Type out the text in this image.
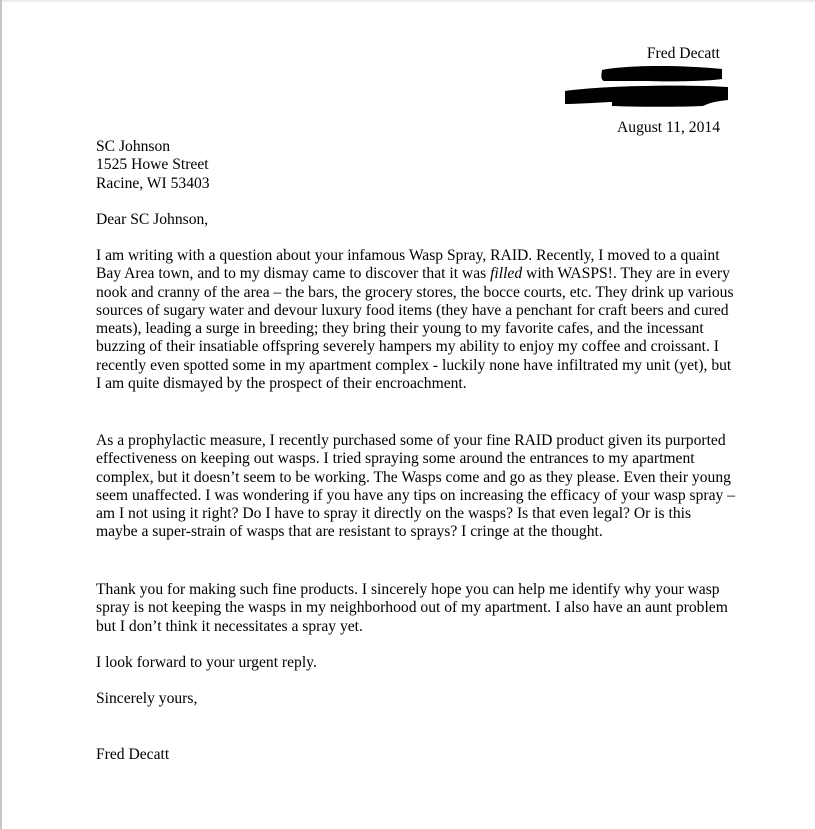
Fred Decatt
August 11, 2014
SC Johnson
1525 Howe Street
Racine, WI 53403
Dear SC Johnson,

I am writing with a question about your infamous Wasp Spray, RAID. Recently, I moved to a quaint Bay Area town, and to my dismay came to discover that it was filled with WASPS!. They are in every nook and cranny of the area – the bars, the grocery stores, the bocce courts, etc. They drink up various sources of sugary water and devour luxury food items (they have a penchant for craft beers and cured meats), leading a surge in breeding; they bring their young to my favorite cafes, and the incessant buzzing of their insatiable offspring severely hampers my ability to enjoy my coffee and croissant. I recently even spotted some in my apartment complex - luckily none have infiltrated my unit (yet), but I am quite dismayed by the prospect of their encroachment.

As a prophylactic measure, I recently purchased some of your fine RAID product given its purported effectiveness on keeping out wasps. I tried spraying some around the entrances to my apartment complex, but it doesn’t seem to be working. The Wasps come and go as they please. Even their young seem unaffected. I was wondering if you have any tips on increasing the efficacy of your wasp spray – am I not using it right? Do I have to spray it directly on the wasps? Is that even legal? Or is this maybe a super-strain of wasps that are resistant to sprays? I cringe at the thought.

Thank you for making such fine products. I sincerely hope you can help me identify why your wasp spray is not keeping the wasps in my neighborhood out of my apartment. I also have an aunt problem but I don’t think it necessitates a spray yet.

I look forward to your urgent reply.

Sincerely yours,
Fred Decatt
